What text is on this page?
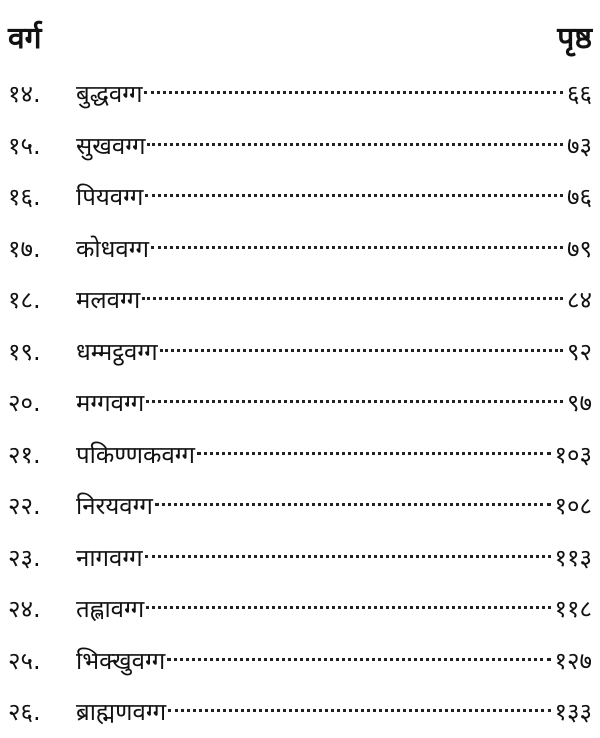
वर्ग	पृष्ठ
१४.	बुद्धवग्ग	६६
१५.	सुखवग्ग	७३
१६.	पियवग्ग	७६
१७.	कोधवग्ग	७९
१८.	मलवग्ग	८४
१९.	धम्मट्ठवग्ग	९२
२०.	मग्गवग्ग	९७
२१.	पकिण्णकवग्ग	१०३
२२.	निरयवग्ग	१०८
२३.	नागवग्ग	११३
२४.	तह्लावग्ग	११८
२५.	भिक्खुवग्ग	१२७
२६.	ब्राह्मणवग्ग	१३३
